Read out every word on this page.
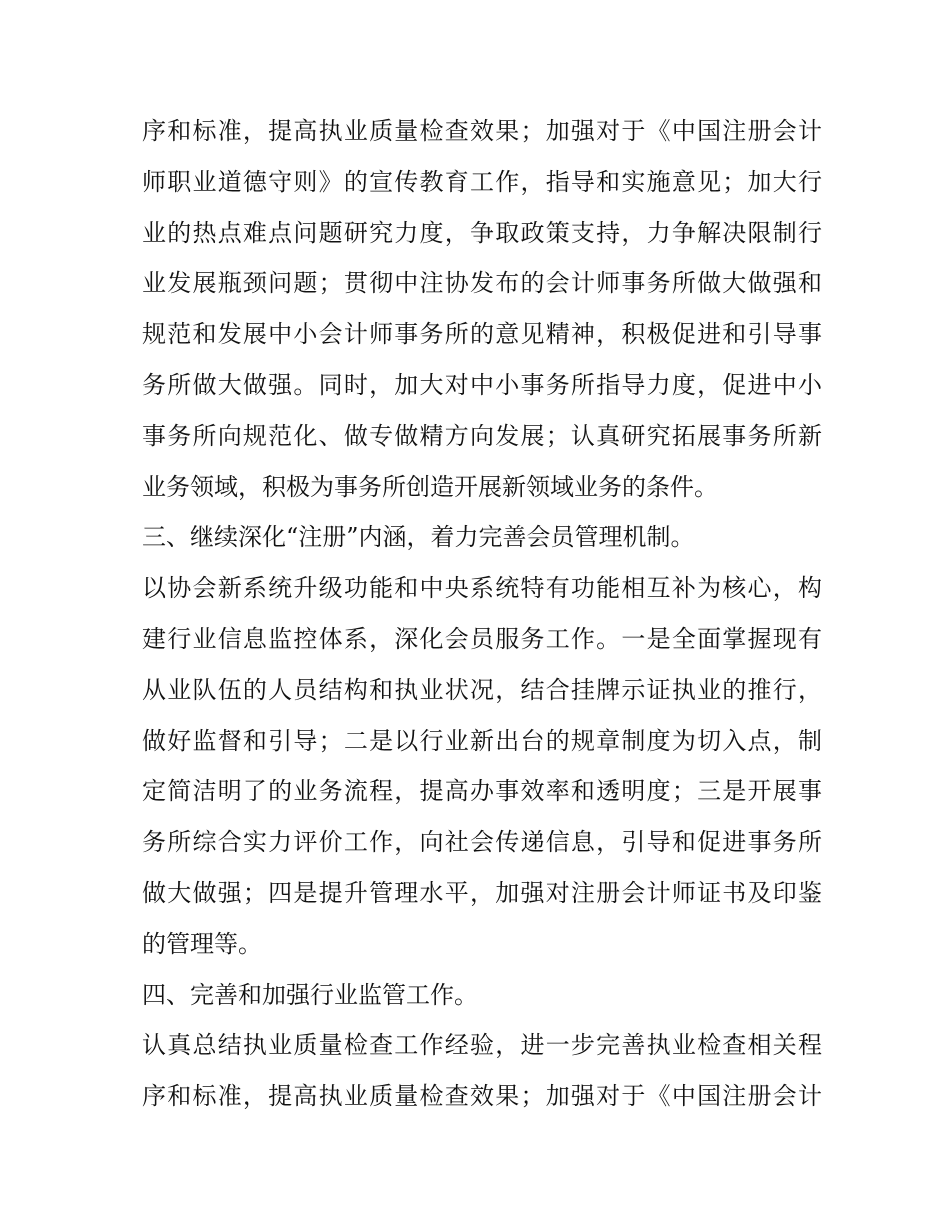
序和标准，提高执业质量检查效果；加强对于《中国注册会计
师职业道德守则》的宣传教育工作，指导和实施意见；加大行
业的热点难点问题研究力度，争取政策支持，力争解决限制行
业发展瓶颈问题；贯彻中注协发布的会计师事务所做大做强和
规范和发展中小会计师事务所的意见精神，积极促进和引导事
务所做大做强。同时，加大对中小事务所指导力度，促进中小
事务所向规范化、做专做精方向发展；认真研究拓展事务所新
业务领域，积极为事务所创造开展新领域业务的条件。
三、继续深化“注册”内涵，着力完善会员管理机制。
以协会新系统升级功能和中央系统特有功能相互补为核心，构
建行业信息监控体系，深化会员服务工作。一是全面掌握现有
从业队伍的人员结构和执业状况，结合挂牌示证执业的推行，
做好监督和引导；二是以行业新出台的规章制度为切入点，制
定简洁明了的业务流程，提高办事效率和透明度；三是开展事
务所综合实力评价工作，向社会传递信息，引导和促进事务所
做大做强；四是提升管理水平，加强对注册会计师证书及印鉴
的管理等。
四、完善和加强行业监管工作。
认真总结执业质量检查工作经验，进一步完善执业检查相关程
序和标准，提高执业质量检查效果；加强对于《中国注册会计
